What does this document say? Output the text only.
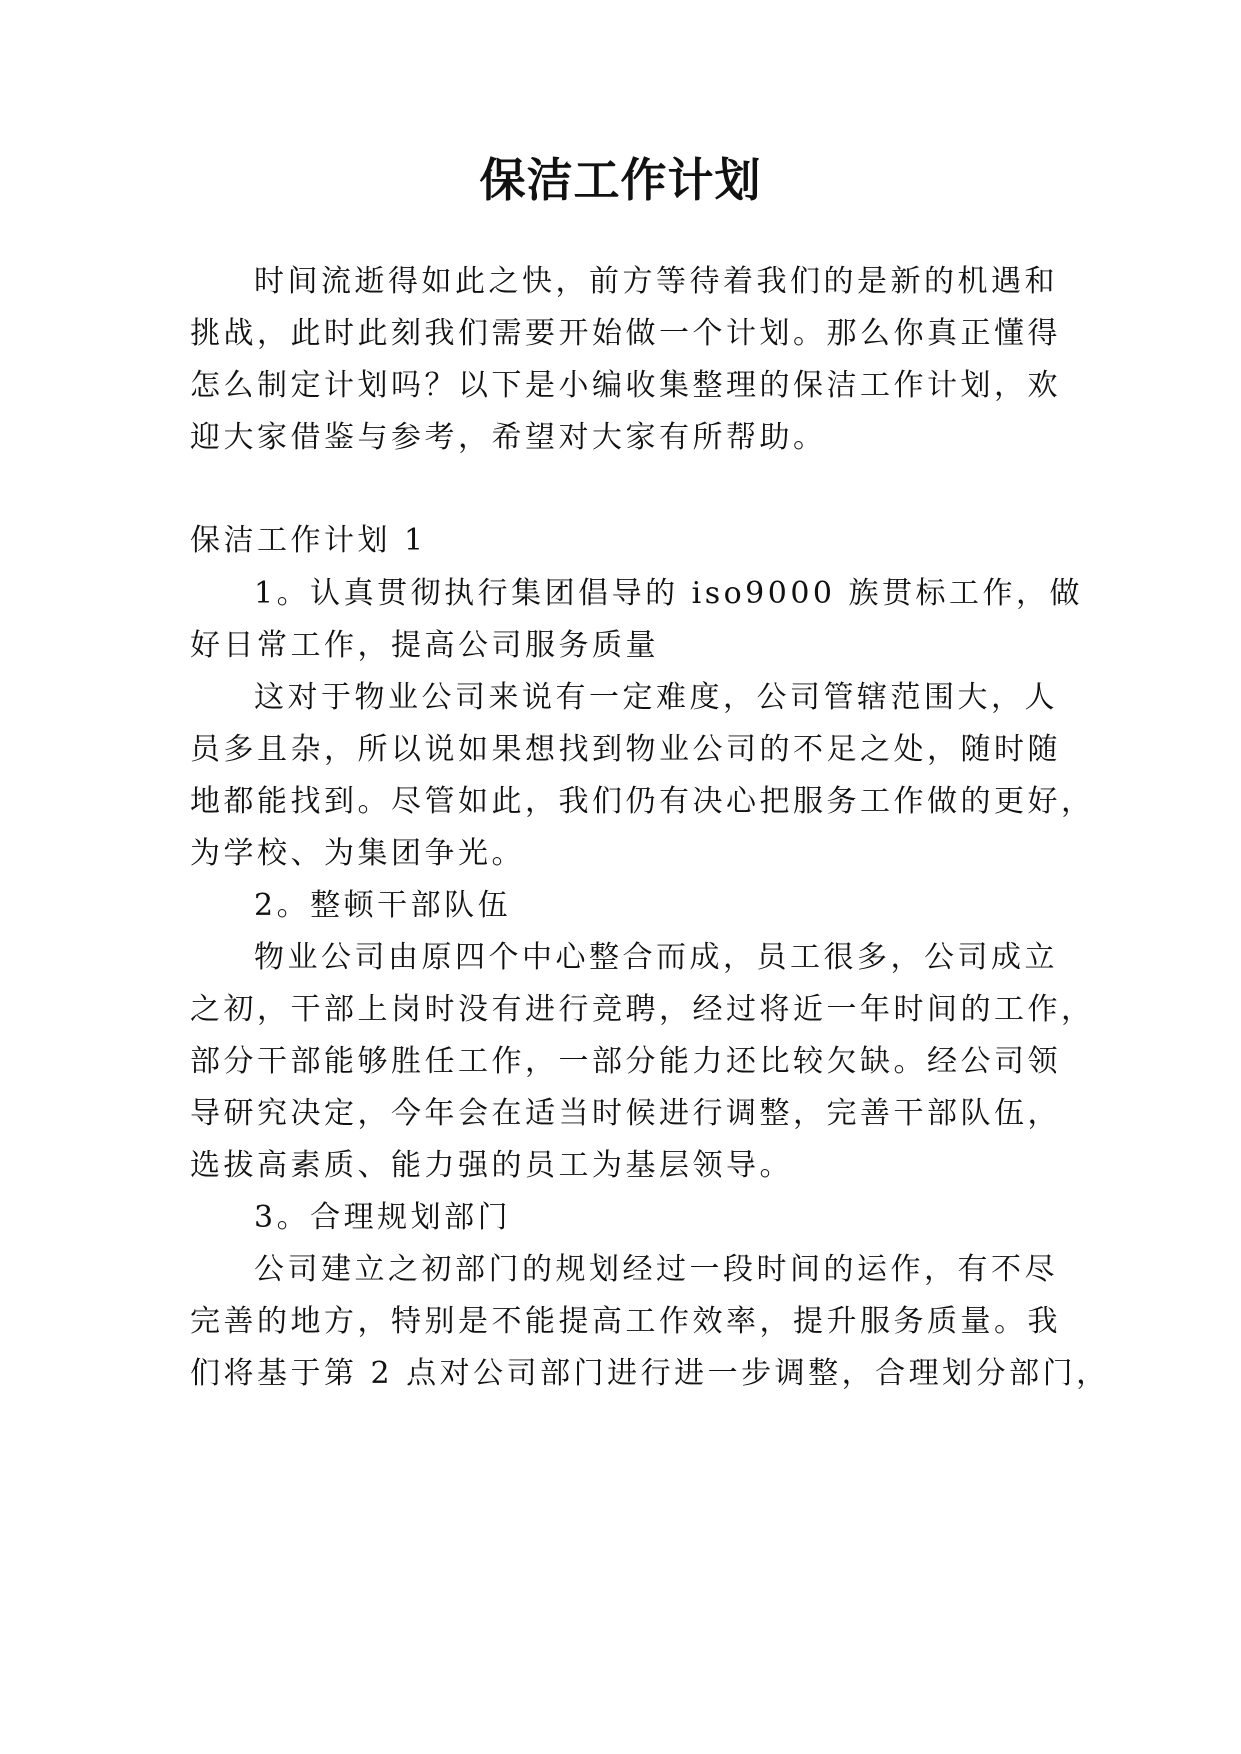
保洁工作计划

时间流逝得如此之快，前方等待着我们的是新的机遇和

挑战，此时此刻我们需要开始做一个计划。那么你真正懂得

怎么制定计划吗？以下是小编收集整理的保洁工作计划，欢

迎大家借鉴与参考，希望对大家有所帮助。

保洁工作计划 1

1。认真贯彻执行集团倡导的 iso9000 族贯标工作，做

好日常工作，提高公司服务质量

这对于物业公司来说有一定难度，公司管辖范围大，人

员多且杂，所以说如果想找到物业公司的不足之处，随时随

地都能找到。尽管如此，我们仍有决心把服务工作做的更好，

为学校、为集团争光。

2。整顿干部队伍

物业公司由原四个中心整合而成，员工很多，公司成立

之初，干部上岗时没有进行竞聘，经过将近一年时间的工作，

部分干部能够胜任工作，一部分能力还比较欠缺。经公司领

导研究决定，今年会在适当时候进行调整，完善干部队伍，

选拔高素质、能力强的员工为基层领导。

3。合理规划部门

公司建立之初部门的规划经过一段时间的运作，有不尽

完善的地方，特别是不能提高工作效率，提升服务质量。我

们将基于第 2 点对公司部门进行进一步调整，合理划分部门，
